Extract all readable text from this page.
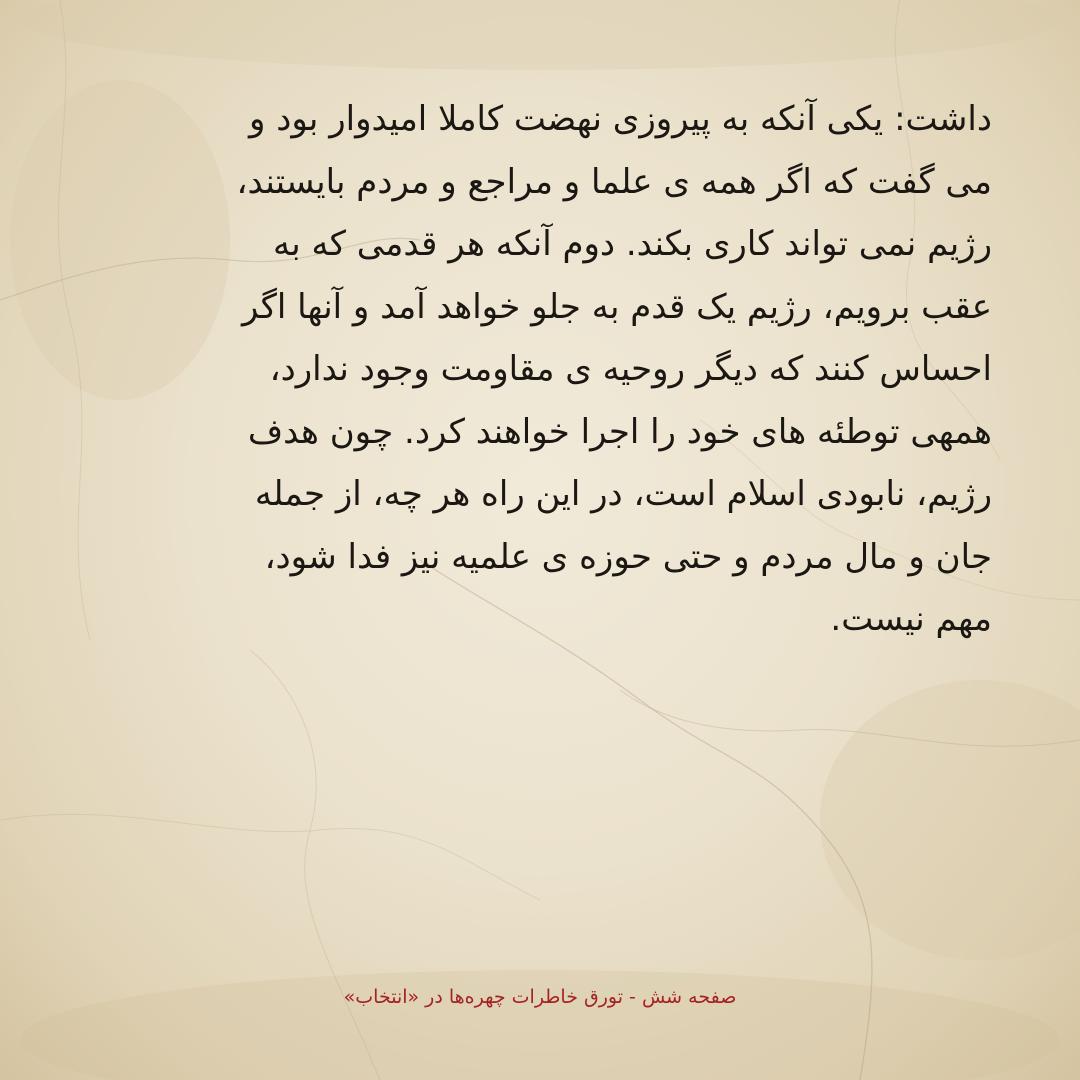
داشت: یکی آنکه به پیروزی نهضت کاملا امیدوار بود و
می گفت که اگر همه ی علما و مراجع و مردم بایستند،
رژیم نمی تواند کاری بکند. دوم آنکه هر قدمی که به
عقب برویم، رژیم یک قدم به جلو خواهد آمد و آنها اگر
احساس کنند که دیگر روحیه ی مقاومت وجود ندارد،
همهی توطئه های خود را اجرا خواهند کرد. چون هدف
رژیم، نابودی اسلام است، در این راه هر چه، از جمله
جان و مال مردم و حتی حوزه ی علمیه نیز فدا شود،
مهم نیست.
صفحه شش - تورق خاطرات چهره‌ها در «انتخاب»
